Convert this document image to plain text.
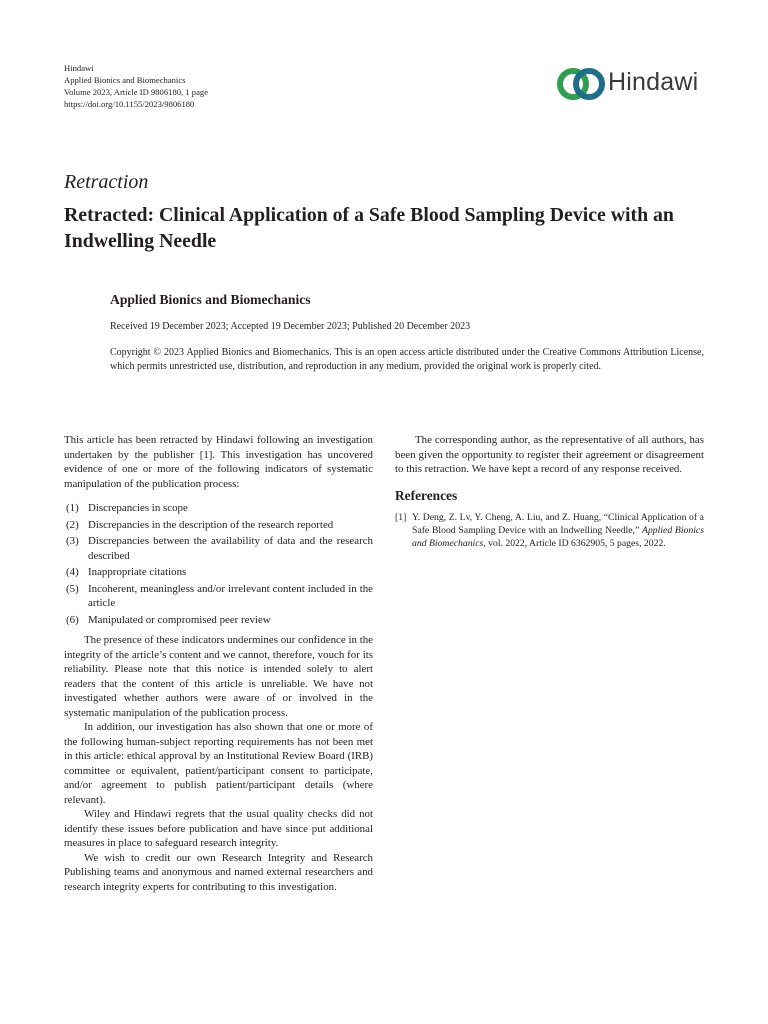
Hindawi
Applied Bionics and Biomechanics
Volume 2023, Article ID 9806180, 1 page
https://doi.org/10.1155/2023/9806180
Hindawi
Retraction
Retracted: Clinical Application of a Safe Blood Sampling Device with an Indwelling Needle
Applied Bionics and Biomechanics
Received 19 December 2023; Accepted 19 December 2023; Published 20 December 2023
Copyright © 2023 Applied Bionics and Biomechanics. This is an open access article distributed under the Creative Commons Attribution License, which permits unrestricted use, distribution, and reproduction in any medium, provided the original work is properly cited.

This article has been retracted by Hindawi following an investigation undertaken by the publisher [1]. This investigation has uncovered evidence of one or more of the following indicators of systematic manipulation of the publication process:

(1) Discrepancies in scope
(2) Discrepancies in the description of the research reported
(3) Discrepancies between the availability of data and the research described
(4) Inappropriate citations
(5) Incoherent, meaningless and/or irrelevant content included in the article
(6) Manipulated or compromised peer review

The presence of these indicators undermines our confidence in the integrity of the article’s content and we cannot, therefore, vouch for its reliability. Please note that this notice is intended solely to alert readers that the content of this article is unreliable. We have not investigated whether authors were aware of or involved in the systematic manipulation of the publication process.

In addition, our investigation has also shown that one or more of the following human-subject reporting requirements has not been met in this article: ethical approval by an Institutional Review Board (IRB) committee or equivalent, patient/participant consent to participate, and/or agreement to publish patient/participant details (where relevant).

Wiley and Hindawi regrets that the usual quality checks did not identify these issues before publication and have since put additional measures in place to safeguard research integrity.

We wish to credit our own Research Integrity and Research Publishing teams and anonymous and named external researchers and research integrity experts for contributing to this investigation.

The corresponding author, as the representative of all authors, has been given the opportunity to register their agreement or disagreement to this retraction. We have kept a record of any response received.

References
[1] Y. Deng, Z. Lv, Y. Cheng, A. Liu, and Z. Huang, “Clinical Application of a Safe Blood Sampling Device with an Indwelling Needle,” Applied Bionics and Biomechanics, vol. 2022, Article ID 6362905, 5 pages, 2022.
